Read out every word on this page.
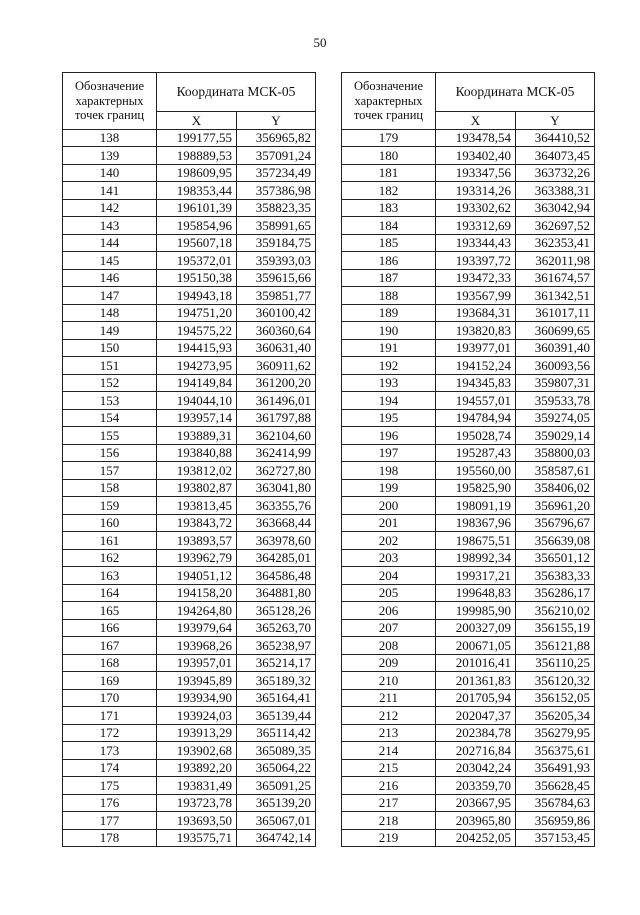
50
Обозначение характерных точек границ	Координата МСК-05	
	X	Y
138	199177,55	356965,82
139	198889,53	357091,24
140	198609,95	357234,49
141	198353,44	357386,98
142	196101,39	358823,35
143	195854,96	358991,65
144	195607,18	359184,75
145	195372,01	359393,03
146	195150,38	359615,66
147	194943,18	359851,77
148	194751,20	360100,42
149	194575,22	360360,64
150	194415,93	360631,40
151	194273,95	360911,62
152	194149,84	361200,20
153	194044,10	361496,01
154	193957,14	361797,88
155	193889,31	362104,60
156	193840,88	362414,99
157	193812,02	362727,80
158	193802,87	363041,80
159	193813,45	363355,76
160	193843,72	363668,44
161	193893,57	363978,60
162	193962,79	364285,01
163	194051,12	364586,48
164	194158,20	364881,80
165	194264,80	365128,26
166	193979,64	365263,70
167	193968,26	365238,97
168	193957,01	365214,17
169	193945,89	365189,32
170	193934,90	365164,41
171	193924,03	365139,44
172	193913,29	365114,42
173	193902,68	365089,35
174	193892,20	365064,22
175	193831,49	365091,25
176	193723,78	365139,20
177	193693,50	365067,01
178	193575,71	364742,14
Обозначение характерных точек границ	Координата МСК-05	
	X	Y
179	193478,54	364410,52
180	193402,40	364073,45
181	193347,56	363732,26
182	193314,26	363388,31
183	193302,62	363042,94
184	193312,69	362697,52
185	193344,43	362353,41
186	193397,72	362011,98
187	193472,33	361674,57
188	193567,99	361342,51
189	193684,31	361017,11
190	193820,83	360699,65
191	193977,01	360391,40
192	194152,24	360093,56
193	194345,83	359807,31
194	194557,01	359533,78
195	194784,94	359274,05
196	195028,74	359029,14
197	195287,43	358800,03
198	195560,00	358587,61
199	195825,90	358406,02
200	198091,19	356961,20
201	198367,96	356796,67
202	198675,51	356639,08
203	198992,34	356501,12
204	199317,21	356383,33
205	199648,83	356286,17
206	199985,90	356210,02
207	200327,09	356155,19
208	200671,05	356121,88
209	201016,41	356110,25
210	201361,83	356120,32
211	201705,94	356152,05
212	202047,37	356205,34
213	202384,78	356279,95
214	202716,84	356375,61
215	203042,24	356491,93
216	203359,70	356628,45
217	203667,95	356784,63
218	203965,80	356959,86
219	204252,05	357153,45
